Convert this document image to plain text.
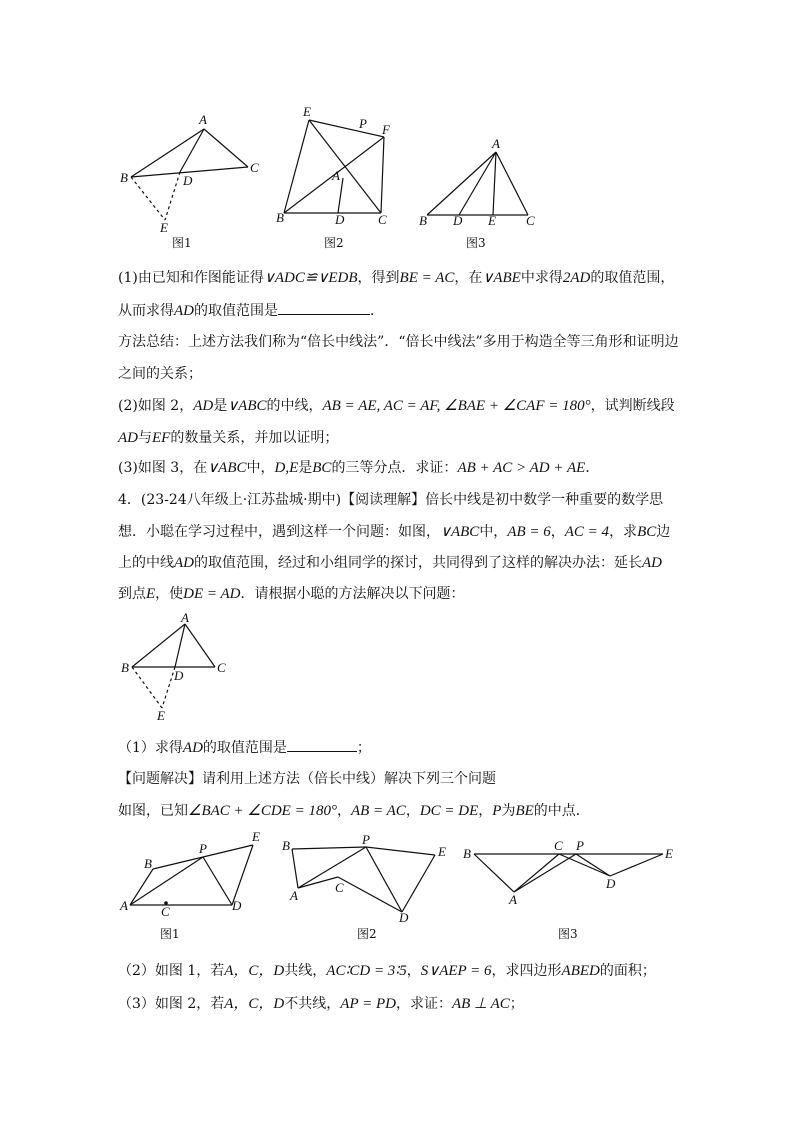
A
B
C
D
E
E
P F
A
B	D	C
A
B D E C
A
B	C
D
E
B
P
E
A	C	D
B	P
E
A
C
D
B
C P
E
A
D
图1	图2	图3
图1	图2	图3
(1)由已知和作图能证得∨ADC≌∨EDB，得到BE = AC，在∨ABE中求得2AD的取值范围，
从而求得AD的取值范围是	．
方法总结：上述方法我们称为“倍长中线法”．“倍长中线法”多用于构造全等三角形和证明边
之间的关系；
(2)如图 2，AD是∨ABC的中线，AB = AE, AC = AF, ∠BAE + ∠CAF = 180°，试判断线段
AD与EF的数量关系，并加以证明；
(3)如图 3，在∨ABC中，D,E是BC的三等分点．求证：AB + AC > AD + AE．
4．(23-24八年级上·江苏盐城·期中)【阅读理解】倍长中线是初中数学一种重要的数学思
想．小聪在学习过程中，遇到这样一个问题：如图，∨ABC中，AB = 6，AC = 4，求BC边
上的中线AD的取值范围，经过和小组同学的探讨，共同得到了这样的解决办法：延长AD
到点E，使DE = AD．请根据小聪的方法解决以下问题：
（1）求得AD的取值范围是	；
【问题解决】请利用上述方法（倍长中线）解决下列三个问题
如图，已知∠BAC + ∠CDE = 180°，AB = AC，DC = DE，P为BE的中点．
（2）如图 1，若A，C，D共线，AC∶CD = 3∶5，S∨AEP = 6，求四边形ABED的面积；
（3）如图 2，若A，C，D不共线，AP = PD，求证：AB ⊥ AC；
